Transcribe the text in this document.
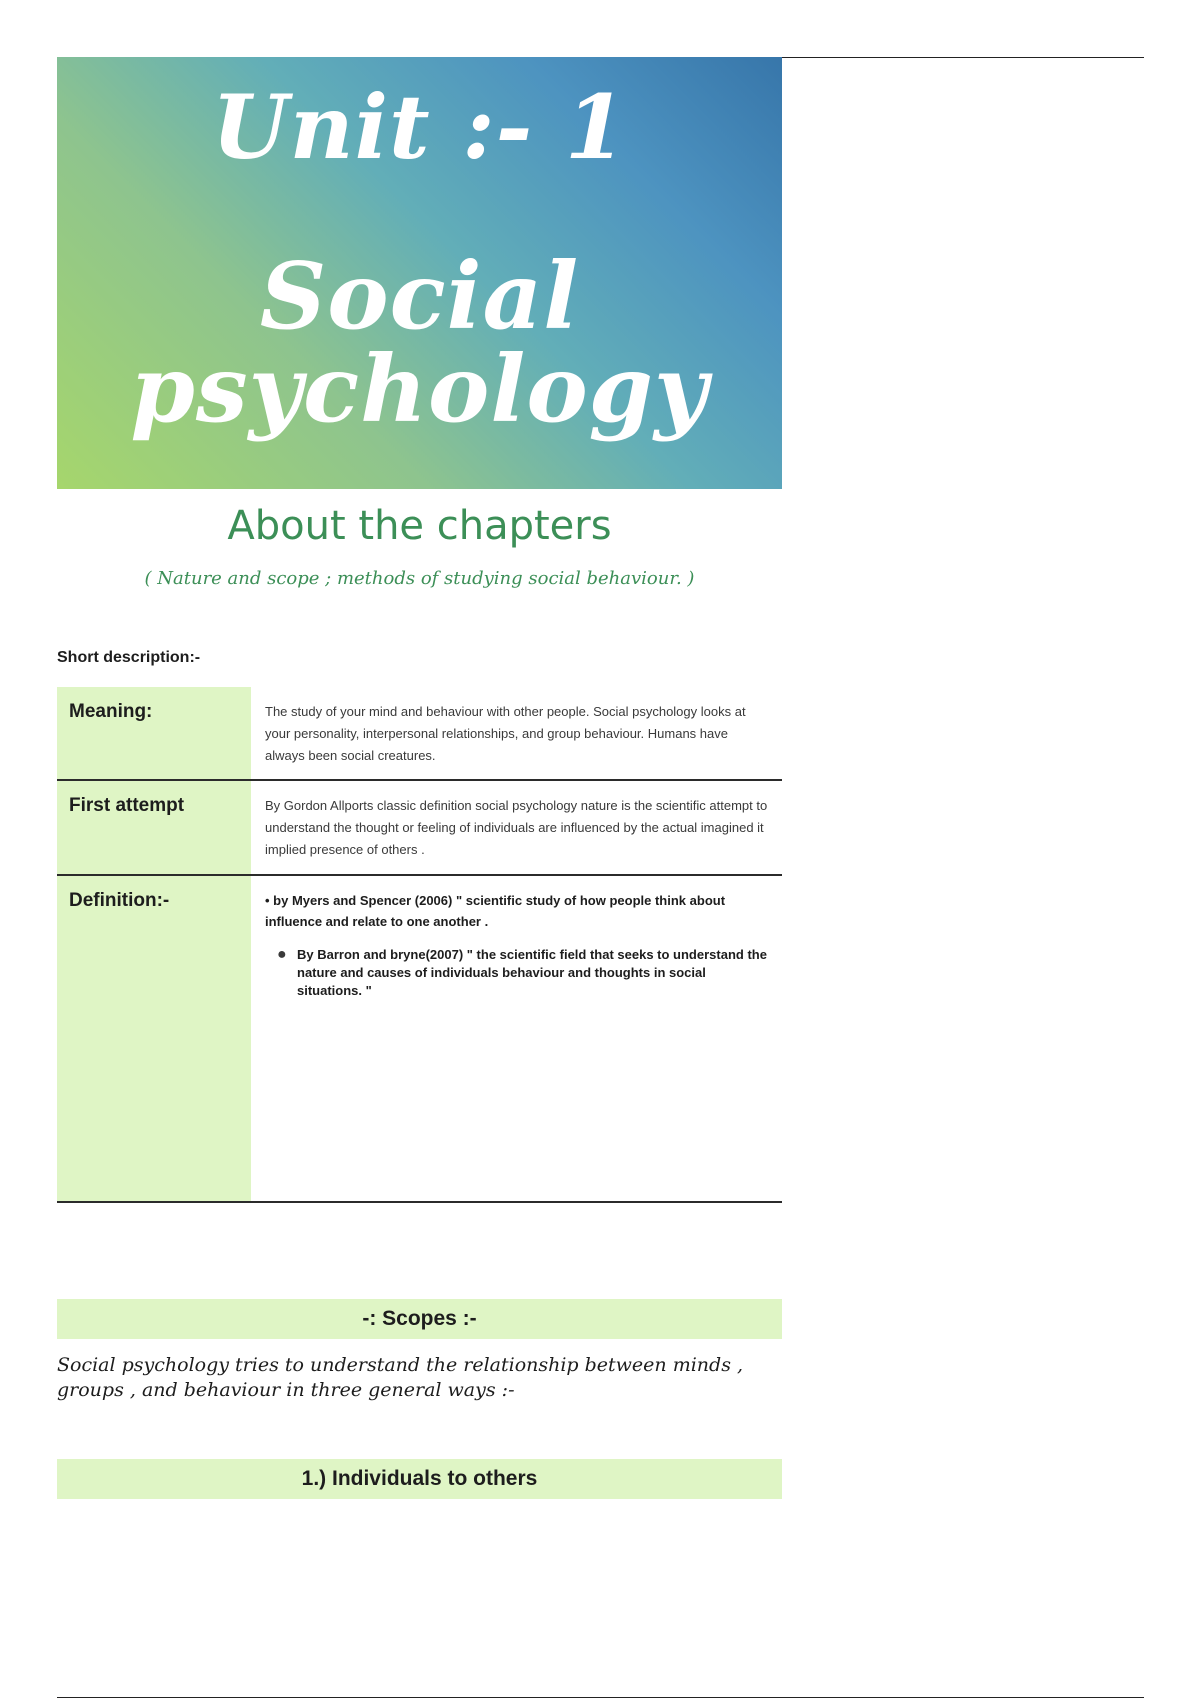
Unit :- 1
Social
psychology
About the chapters
( Nature and scope ; methods of studying social behaviour. )
Short description:-
Meaning:	The study of your mind and behaviour with other people. Social psychology looks at your personality, interpersonal relationships, and group behaviour. Humans have always been social creatures.
First attempt	By Gordon Allports classic definition social psychology nature is the scientific attempt to understand the thought or feeling of individuals are influenced by the actual imagined it implied presence of others .
Definition:-	• by Myers and Spencer (2006) " scientific study of how people think about influence and relate to one another .
● By Barron and bryne(2007) " the scientific field that seeks to understand the nature and causes of individuals behaviour and thoughts in social situations. "
-: Scopes :-
Social psychology tries to understand the relationship between minds , groups , and behaviour in three general ways :-
1.) Individuals to others
